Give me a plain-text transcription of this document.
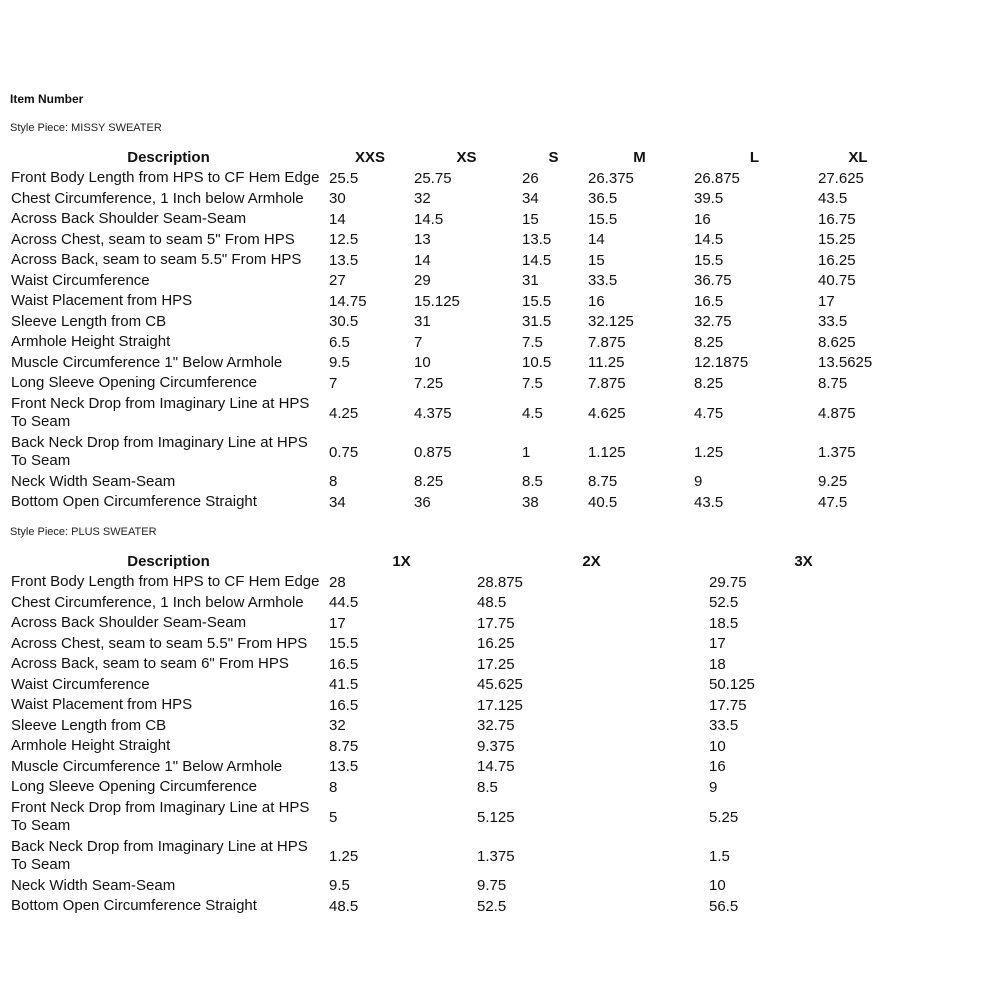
Item Number
Style Piece: MISSY SWEATER
Description	XXS	XS	S	M	L	XL
Front Body Length from HPS to CF Hem Edge	25.5	25.75	26	26.375	26.875	27.625
Chest Circumference, 1 Inch below Armhole	30	32	34	36.5	39.5	43.5
Across Back Shoulder Seam-Seam	14	14.5	15	15.5	16	16.75
Across Chest, seam to seam 5" From HPS	12.5	13	13.5	14	14.5	15.25
Across Back, seam to seam 5.5" From HPS	13.5	14	14.5	15	15.5	16.25
Waist Circumference	27	29	31	33.5	36.75	40.75
Waist Placement from HPS	14.75	15.125	15.5	16	16.5	17
Sleeve Length from CB	30.5	31	31.5	32.125	32.75	33.5
Armhole Height Straight	6.5	7	7.5	7.875	8.25	8.625
Muscle Circumference 1" Below Armhole	9.5	10	10.5	11.25	12.1875	13.5625
Long Sleeve Opening Circumference	7	7.25	7.5	7.875	8.25	8.75
Front Neck Drop from Imaginary Line at HPS To Seam	4.25	4.375	4.5	4.625	4.75	4.875
Back Neck Drop from Imaginary Line at HPS To Seam	0.75	0.875	1	1.125	1.25	1.375
Neck Width Seam-Seam	8	8.25	8.5	8.75	9	9.25
Bottom Open Circumference Straight	34	36	38	40.5	43.5	47.5
Style Piece: PLUS SWEATER
Description	1X	2X	3X
Front Body Length from HPS to CF Hem Edge	28	28.875	29.75
Chest Circumference, 1 Inch below Armhole	44.5	48.5	52.5
Across Back Shoulder Seam-Seam	17	17.75	18.5
Across Chest, seam to seam 5.5" From HPS	15.5	16.25	17
Across Back, seam to seam 6" From HPS	16.5	17.25	18
Waist Circumference	41.5	45.625	50.125
Waist Placement from HPS	16.5	17.125	17.75
Sleeve Length from CB	32	32.75	33.5
Armhole Height Straight	8.75	9.375	10
Muscle Circumference 1" Below Armhole	13.5	14.75	16
Long Sleeve Opening Circumference	8	8.5	9
Front Neck Drop from Imaginary Line at HPS To Seam	5	5.125	5.25
Back Neck Drop from Imaginary Line at HPS To Seam	1.25	1.375	1.5
Neck Width Seam-Seam	9.5	9.75	10
Bottom Open Circumference Straight	48.5	52.5	56.5
